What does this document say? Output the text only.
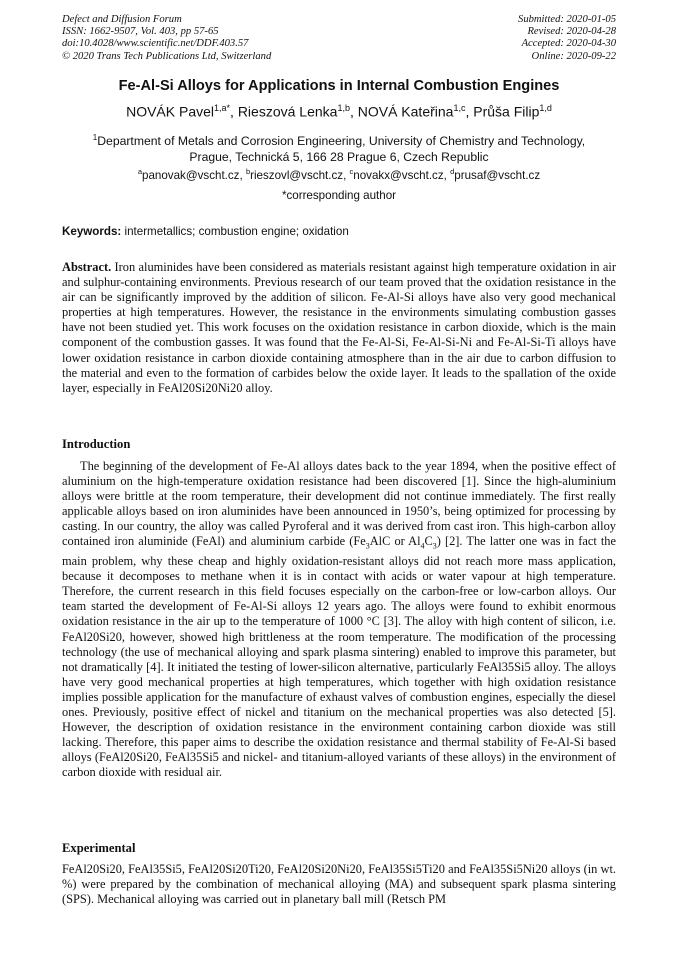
Defect and Diffusion Forum
ISSN: 1662-9507, Vol. 403, pp 57-65
doi:10.4028/www.scientific.net/DDF.403.57
© 2020 Trans Tech Publications Ltd, Switzerland
Submitted: 2020-01-05
Revised: 2020-04-28
Accepted: 2020-04-30
Online: 2020-09-22
Fe-Al-Si Alloys for Applications in Internal Combustion Engines
NOVÁK Pavel$^{1,a*}$, Rieszová Lenka$^{1,b}$, NOVÁ Kateřina$^{1,c}$, Průša Filip$^{1,d}$
$^1$Department of Metals and Corrosion Engineering, University of Chemistry and Technology, Prague, Technická 5, 166 28 Prague 6, Czech Republic
$^a$panovak@vscht.cz, $^b$rieszovl@vscht.cz, $^c$novakx@vscht.cz, $^d$prusaf@vscht.cz
*corresponding author
Keywords: intermetallics; combustion engine; oxidation
Abstract. Iron aluminides have been considered as materials resistant against high temperature oxidation in air and sulphur-containing environments. Previous research of our team proved that the oxidation resistance in the air can be significantly improved by the addition of silicon. Fe-Al-Si alloys have also very good mechanical properties at high temperatures. However, the resistance in the environments simulating combustion gasses have not been studied yet. This work focuses on the oxidation resistance in carbon dioxide, which is the main component of the combustion gasses. It was found that the Fe-Al-Si, Fe-Al-Si-Ni and Fe-Al-Si-Ti alloys have lower oxidation resistance in carbon dioxide containing atmosphere than in the air due to carbon diffusion to the material and even to the formation of carbides below the oxide layer. It leads to the spallation of the oxide layer, especially in FeAl20Si20Ni20 alloy.
Introduction
The beginning of the development of Fe-Al alloys dates back to the year 1894, when the positive effect of aluminium on the high-temperature oxidation resistance had been discovered [1]. Since the high-aluminium alloys were brittle at the room temperature, their development did not continue immediately. The first really applicable alloys based on iron aluminides have been announced in 1950’s, being optimized for processing by casting. In our country, the alloy was called Pyroferal and it was derived from cast iron. This high-carbon alloy contained iron aluminide (FeAl) and aluminium carbide ($Fe_3AlC$ or $Al_4C_3$) [2]. The latter one was in fact the main problem, why these cheap and highly oxidation-resistant alloys did not reach more mass application, because it decomposes to methane when it is in contact with acids or water vapour at high temperature. Therefore, the current research in this field focuses especially on the carbon-free or low-carbon alloys. Our team started the development of Fe-Al-Si alloys 12 years ago. The alloys were found to exhibit enormous oxidation resistance in the air up to the temperature of 1000 °C [3]. The alloy with high content of silicon, i.e. FeAl20Si20, however, showed high brittleness at the room temperature. The modification of the processing technology (the use of mechanical alloying and spark plasma sintering) enabled to improve this parameter, but not dramatically [4]. It initiated the testing of lower-silicon alternative, particularly FeAl35Si5 alloy. The alloys have very good mechanical properties at high temperatures, which together with high oxidation resistance implies possible application for the manufacture of exhaust valves of combustion engines, especially the diesel ones. Previously, positive effect of nickel and titanium on the mechanical properties was also detected [5]. However, the description of oxidation resistance in the environment containing carbon dioxide was still lacking. Therefore, this paper aims to describe the oxidation resistance and thermal stability of Fe-Al-Si based alloys (FeAl20Si20, FeAl35Si5 and nickel- and titanium-alloyed variants of these alloys) in the environment of carbon dioxide with residual air.
Experimental
FeAl20Si20, FeAl35Si5, FeAl20Si20Ti20, FeAl20Si20Ni20, FeAl35Si5Ti20 and FeAl35Si5Ni20 alloys (in wt. %) were prepared by the combination of mechanical alloying (MA) and subsequent spark plasma sintering (SPS). Mechanical alloying was carried out in planetary ball mill (Retsch PM
